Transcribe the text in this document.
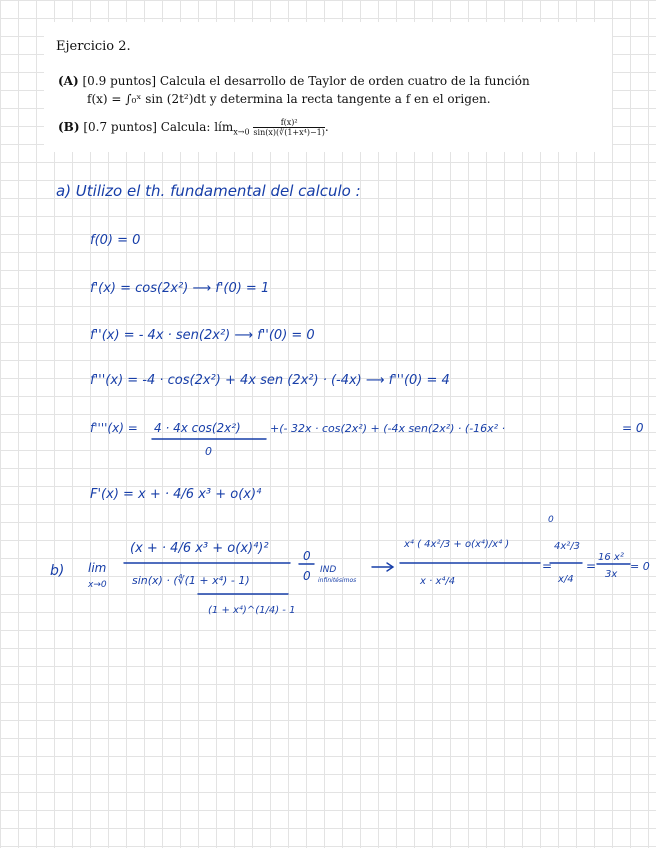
Ejercicio 2.
(A) [0.9 puntos] Calcula el desarrollo de Taylor de orden cuatro de la función
f(x) = ∫₀ˣ sin (2t²)dt y determina la recta tangente a f en el origen.
(B) [0.7 puntos] Calcula: lím$_{x\to 0}$ $\frac{\text{f(x)²}}{\text{sin(x)(∛(1+x⁴)−1)}}$ .
a) Utilizo el th. fundamental del calculo :
f(0) = 0
f'(x) = cos(2x²) ⟶ f'(0) = 1
f''(x) = - 4x · sen(2x²) ⟶ f''(0) = 0
f'''(x) = -4 · cos(2x²) + 4x sen (2x²) · (-4x) ⟶ f'''(0) = 4
f''''(x) = 4 · 4x cos(2x²)
0
+(- 32x · cos(2x²) + (-4x sen(2x²) · (-16x² ·	= 0
F'(x) = x + · 4/6 x³ + o(x)⁴
b) lim
x→0
(x + · 4/6 x³ + o(x)⁴)²
sin(x) · (∜(1 + x⁴) - 1)
(1 + x⁴)^(1/4) - 1
0
0 IND
infinitésimos
x⁴ ( 4x²/3 + o(x⁴)/x⁴ )
0
x · x⁴/4
=
4x²/3
x/4
=
16 x²
3x
= 0
